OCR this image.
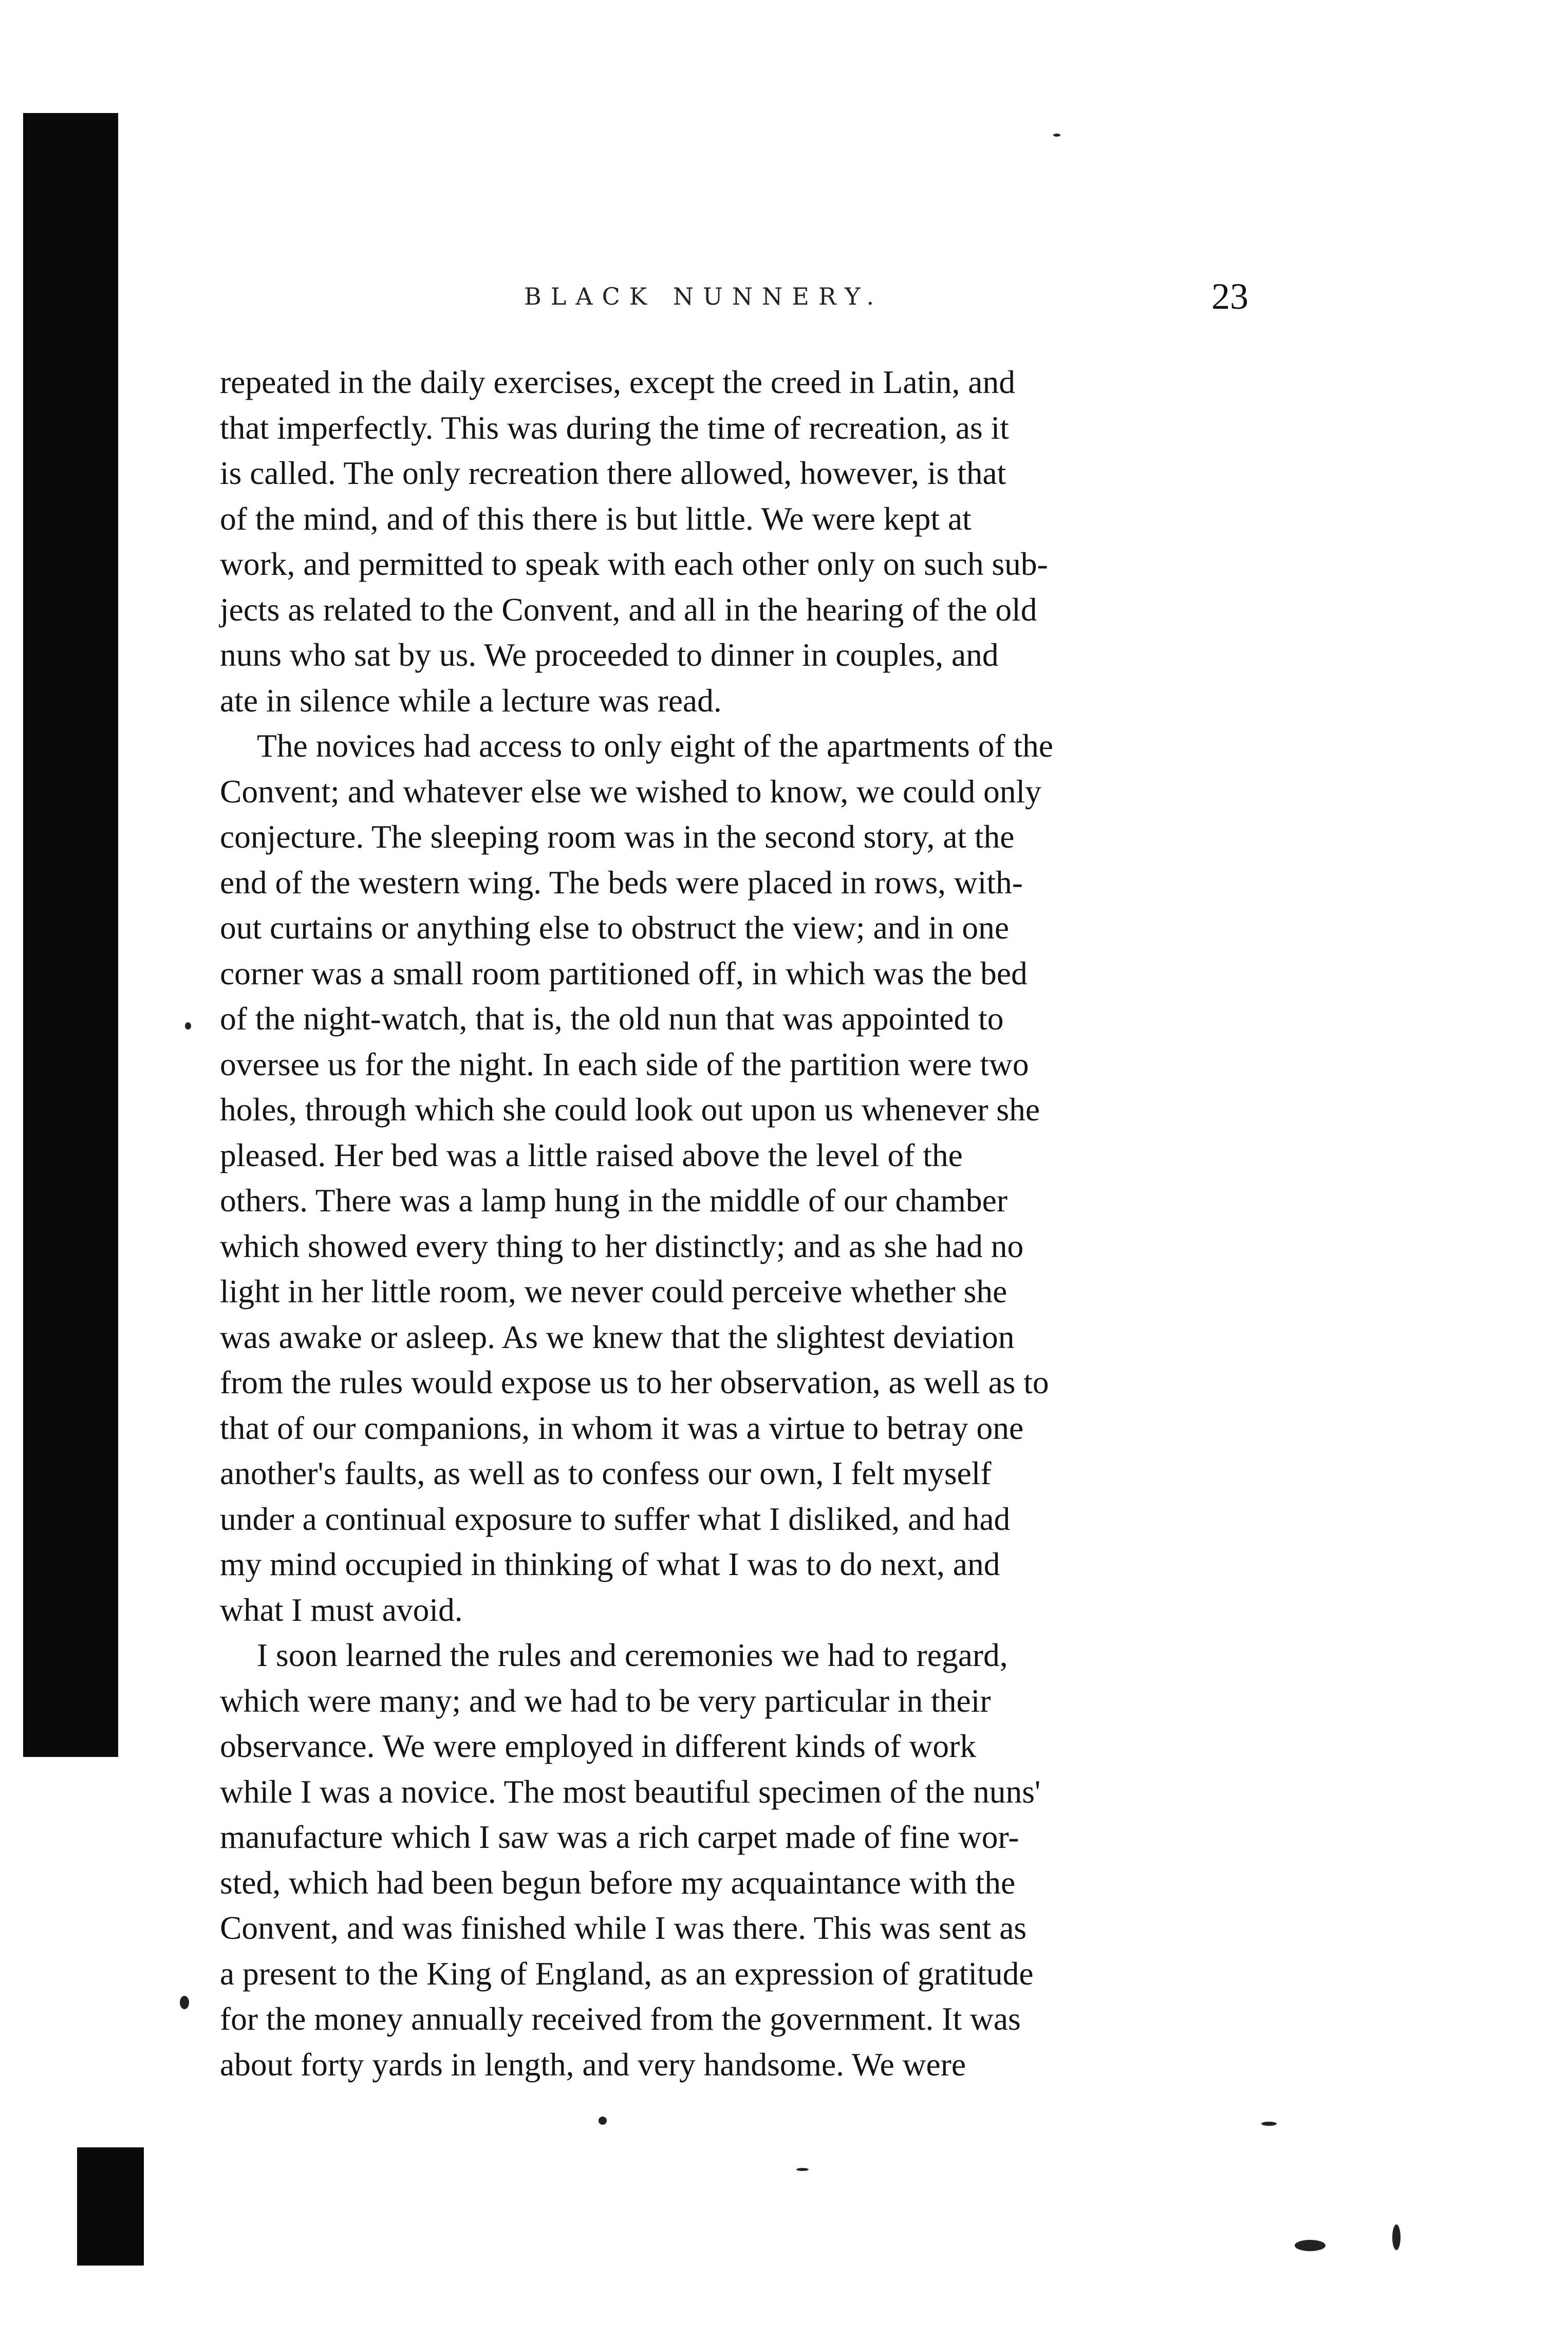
BLACK NUNNERY.	23
repeated in the daily exercises, except the creed in Latin, and
that imperfectly. This was during the time of recreation, as it
is called. The only recreation there allowed, however, is that
of the mind, and of this there is but little. We were kept at
work, and permitted to speak with each other only on such sub-
jects as related to the Convent, and all in the hearing of the old
nuns who sat by us. We proceeded to dinner in couples, and
ate in silence while a lecture was read.
The novices had access to only eight of the apartments of the
Convent; and whatever else we wished to know, we could only
conjecture. The sleeping room was in the second story, at the
end of the western wing. The beds were placed in rows, with-
out curtains or anything else to obstruct the view; and in one
corner was a small room partitioned off, in which was the bed
of the night-watch, that is, the old nun that was appointed to
oversee us for the night. In each side of the partition were two
holes, through which she could look out upon us whenever she
pleased. Her bed was a little raised above the level of the
others. There was a lamp hung in the middle of our chamber
which showed every thing to her distinctly; and as she had no
light in her little room, we never could perceive whether she
was awake or asleep. As we knew that the slightest deviation
from the rules would expose us to her observation, as well as to
that of our companions, in whom it was a virtue to betray one
another's faults, as well as to confess our own, I felt myself
under a continual exposure to suffer what I disliked, and had
my mind occupied in thinking of what I was to do next, and
what I must avoid.
I soon learned the rules and ceremonies we had to regard,
which were many; and we had to be very particular in their
observance. We were employed in different kinds of work
while I was a novice. The most beautiful specimen of the nuns'
manufacture which I saw was a rich carpet made of fine wor-
sted, which had been begun before my acquaintance with the
Convent, and was finished while I was there. This was sent as
a present to the King of England, as an expression of gratitude
for the money annually received from the government. It was
about forty yards in length, and very handsome. We were
